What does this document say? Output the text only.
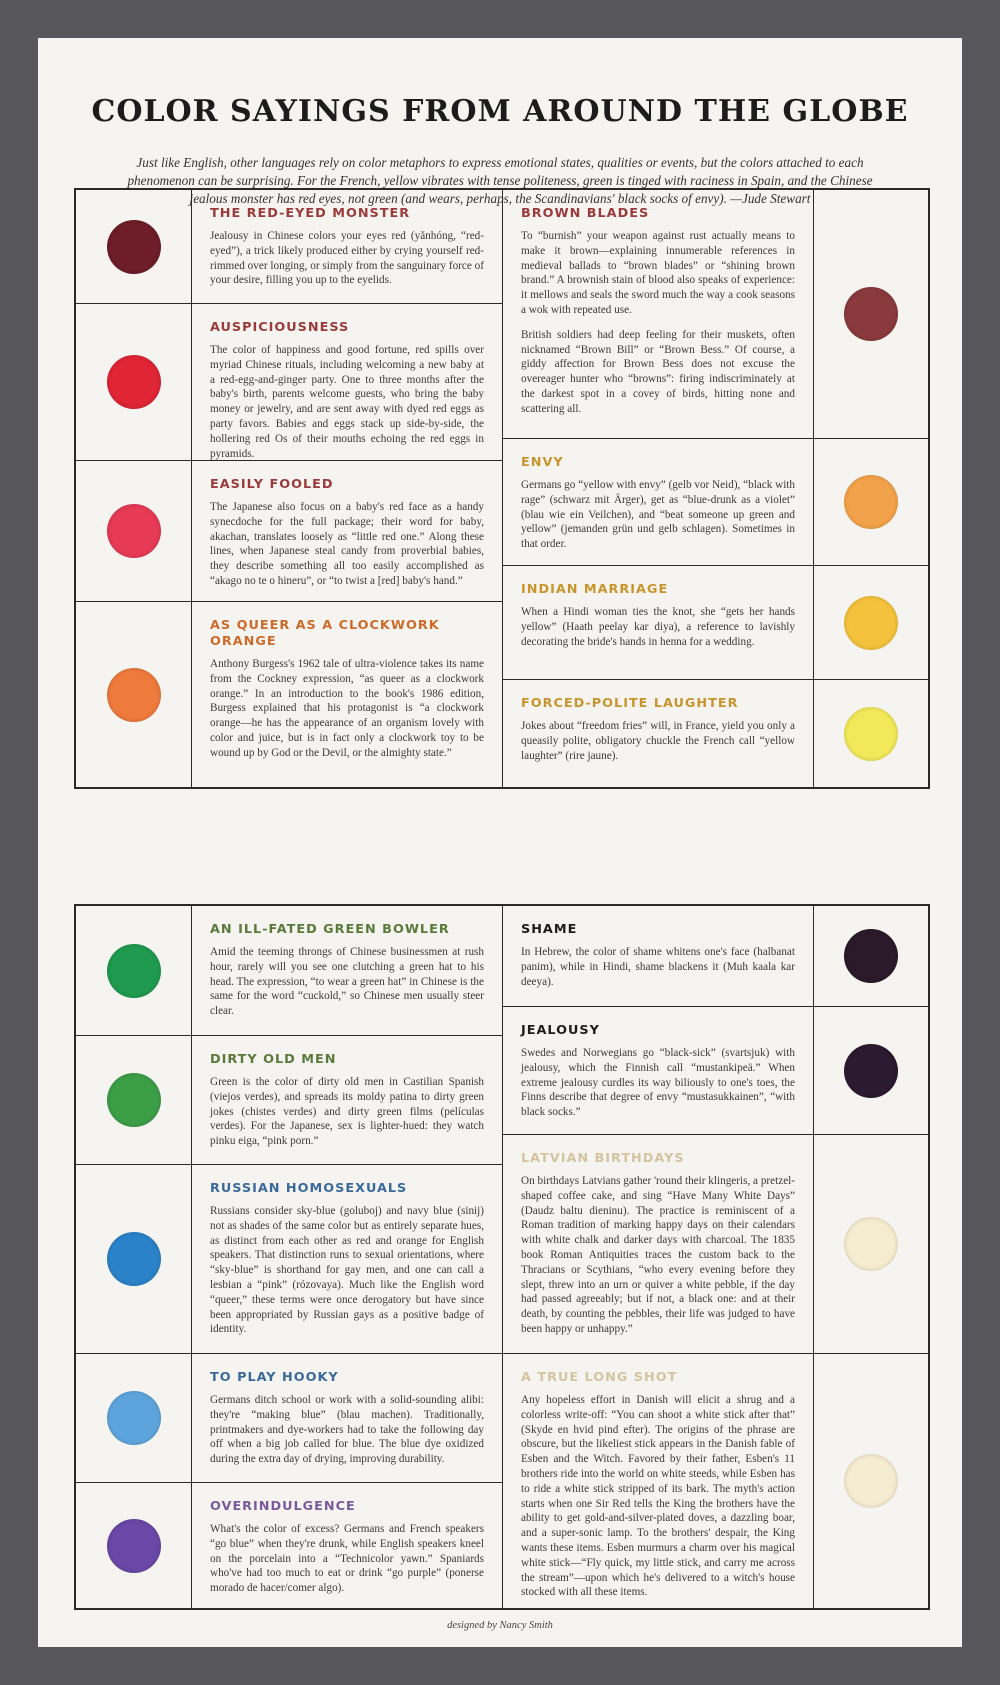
COLOR SAYINGS FROM AROUND THE GLOBE
Just like English, other languages rely on color metaphors to express emotional states, qualities or events, but the colors attached to each phenomenon can be surprising. For the French, yellow vibrates with tense politeness, green is tinged with raciness in Spain, and the Chinese jealous monster has red eyes, not green (and wears, perhaps, the Scandinavians' black socks of envy). —Jude Stewart
THE RED-EYED MONSTER

Jealousy in Chinese colors your eyes red (yǎnhóng, “red-eyed”), a trick likely produced either by crying yourself red-rimmed over longing, or simply from the sanguinary force of your desire, filling you up to the eyelids.

AUSPICIOUSNESS

The color of happiness and good fortune, red spills over myriad Chinese rituals, including welcoming a new baby at a red-egg-and-ginger party. One to three months after the baby's birth, parents welcome guests, who bring the baby money or jewelry, and are sent away with dyed red eggs as party favors. Babies and eggs stack up side-by-side, the hollering red Os of their mouths echoing the red eggs in pyramids.

EASILY FOOLED

The Japanese also focus on a baby's red face as a handy synecdoche for the full package; their word for baby, akachan, translates loosely as “little red one.” Along these lines, when Japanese steal candy from proverbial babies, they describe something all too easily accomplished as “akago no te o hineru”, or “to twist a [red] baby's hand.”

AS QUEER AS A CLOCKWORK ORANGE

Anthony Burgess's 1962 tale of ultra-violence takes its name from the Cockney expression, “as queer as a clockwork orange.” In an introduction to the book's 1986 edition, Burgess explained that his protagonist is “a clockwork orange—he has the appearance of an organism lovely with color and juice, but is in fact only a clockwork toy to be wound up by God or the Devil, or the almighty state.”

BROWN BLADES

To “burnish” your weapon against rust actually means to make it brown—explaining innumerable references in medieval ballads to “brown blades” or “shining brown brand.” A brownish stain of blood also speaks of experience: it mellows and seals the sword much the way a cook seasons a wok with repeated use.

British soldiers had deep feeling for their muskets, often nicknamed “Brown Bill” or “Brown Bess.” Of course, a giddy affection for Brown Bess does not excuse the overeager hunter who “browns”: firing indiscriminately at the darkest spot in a covey of birds, hitting none and scattering all.

ENVY

Germans go “yellow with envy” (gelb vor Neid), “black with rage” (schwarz mit Ärger), get as “blue-drunk as a violet” (blau wie ein Veilchen), and “beat someone up green and yellow” (jemanden grün und gelb schlagen). Sometimes in that order.

INDIAN MARRIAGE

When a Hindi woman ties the knot, she “gets her hands yellow” (Haath peelay kar diya), a reference to lavishly decorating the bride's hands in henna for a wedding.

FORCED-POLITE LAUGHTER

Jokes about “freedom fries” will, in France, yield you only a queasily polite, obligatory chuckle the French call “yellow laughter” (rire jaune).

AN ILL-FATED GREEN BOWLER

Amid the teeming throngs of Chinese businessmen at rush hour, rarely will you see one clutching a green hat to his head. The expression, “to wear a green hat” in Chinese is the same for the word “cuckold,” so Chinese men usually steer clear.

DIRTY OLD MEN

Green is the color of dirty old men in Castilian Spanish (viejos verdes), and spreads its moldy patina to dirty green jokes (chistes verdes) and dirty green films (películas verdes). For the Japanese, sex is lighter-hued: they watch pinku eiga, “pink porn.”

RUSSIAN HOMOSEXUALS

Russians consider sky-blue (goluboj) and navy blue (sinij) not as shades of the same color but as entirely separate hues, as distinct from each other as red and orange for English speakers. That distinction runs to sexual orientations, where “sky-blue” is shorthand for gay men, and one can call a lesbian a “pink” (rózovaya). Much like the English word “queer,” these terms were once derogatory but have since been appropriated by Russian gays as a positive badge of identity.

TO PLAY HOOKY

Germans ditch school or work with a solid-sounding alibi: they're “making blue” (blau machen). Traditionally, printmakers and dye-workers had to take the following day off when a big job called for blue. The blue dye oxidized during the extra day of drying, improving durability.

OVERINDULGENCE

What's the color of excess? Germans and French speakers “go blue” when they're drunk, while English speakers kneel on the porcelain into a “Technicolor yawn.” Spaniards who've had too much to eat or drink “go purple” (ponerse morado de hacer/comer algo).

SHAME

In Hebrew, the color of shame whitens one's face (halbanat panim), while in Hindi, shame blackens it (Muh kaala kar deeya).

JEALOUSY

Swedes and Norwegians go “black-sick” (svartsjuk) with jealousy, which the Finnish call “mustankipeä.” When extreme jealousy curdles its way biliously to one's toes, the Finns describe that degree of envy “mustasukkainen”, “with black socks.”

LATVIAN BIRTHDAYS

On birthdays Latvians gather 'round their klingeris, a pretzel-shaped coffee cake, and sing “Have Many White Days” (Daudz baltu dieninu). The practice is reminiscent of a Roman tradition of marking happy days on their calendars with white chalk and darker days with charcoal. The 1835 book Roman Antiquities traces the custom back to the Thracians or Scythians, “who every evening before they slept, threw into an urn or quiver a white pebble, if the day had passed agreeably; but if not, a black one: and at their death, by counting the pebbles, their life was judged to have been happy or unhappy.”

A TRUE LONG SHOT

Any hopeless effort in Danish will elicit a shrug and a colorless write-off: “You can shoot a white stick after that” (Skyde en hvid pind efter). The origins of the phrase are obscure, but the likeliest stick appears in the Danish fable of Esben and the Witch. Favored by their father, Esben's 11 brothers ride into the world on white steeds, while Esben has to ride a white stick stripped of its bark. The myth's action starts when one Sir Red tells the King the brothers have the ability to get gold-and-silver-plated doves, a dazzling boar, and a super-sonic lamp. To the brothers' despair, the King wants these items. Esben murmurs a charm over his magical white stick—“Fly quick, my little stick, and carry me across the stream”—upon which he's delivered to a witch's house stocked with all these items.

designed by Nancy Smith
